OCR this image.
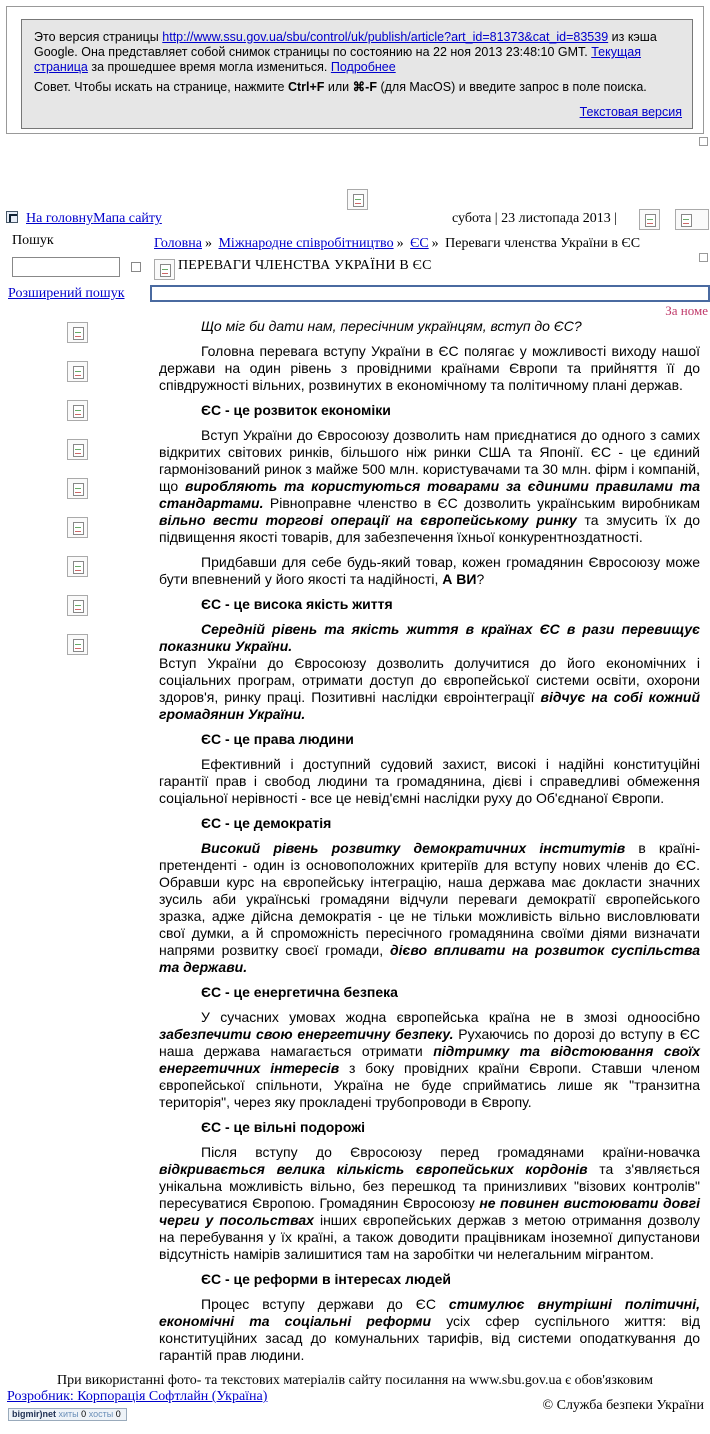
Это версия страницы http://www.ssu.gov.ua/sbu/control/uk/publish/article?art_id=81373&cat_id=83539 из кэша Google. Она представляет собой снимок страницы по состоянию на 22 ноя 2013 23:48:10 GMT. Текущая страница за прошедшее время могла измениться. Подробнее

Совет. Чтобы искать на странице, нажмите Ctrl+F или ⌘-F (для MacOS) и введите запрос в поле поиска.

Текстовая версия
На головнуМапа сайту	субота | 23 листопада 2013 |
Пошук
Розширений пошук
Головна » Міжнародне співробітництво » ЄС » Переваги членства України в ЄС
ПЕРЕВАГИ ЧЛЕНСТВА УКРАЇНИ В ЄС
За номе

Що міг би дати нам, пересічним українцям, вступ до ЄС?

Головна перевага вступу України в ЄС полягає у можливості виходу нашої держави на один рівень з провідними країнами Європи та прийняття її до співдружності вільних, розвинутих в економічному та політичному плані держав.

ЄС - це розвиток економіки

Вступ України до Євросоюзу дозволить нам приєднатися до одного з самих відкритих світових ринків, більшого ніж ринки США та Японії. ЄС - це єдиний гармонізований ринок з майже 500 млн. користувачами та 30 млн. фірм і компаній, що виробляють та користуються товарами за єдиними правилами та стандартами. Рівноправне членство в ЄС дозволить українським виробникам вільно вести торгові операції на європейському ринку та змусить їх до підвищення якості товарів, для забезпечення їхньої конкурентноздатності.

Придбавши для себе будь-який товар, кожен громадянин Євросоюзу може бути впевнений у його якості та надійності, А ВИ?

ЄС - це висока якість життя

Середній рівень та якість життя в країнах ЄС в рази перевищує показники України.

Вступ України до Євросоюзу дозволить долучитися до його економічних і соціальних програм, отримати доступ до європейської системи освіти, охорони здоров'я, ринку праці. Позитивні наслідки євроінтеграції відчує на собі кожний громадянин України.

ЄС - це права людини

Ефективний і доступний судовий захист, високі і надійні конституційні гарантії прав і свобод людини та громадянина, дієві і справедливі обмеження соціальної нерівності - все це невід'ємні наслідки руху до Об'єднаної Європи.

ЄС - це демократія

Високий рівень розвитку демократичних інститутів в країні-претенденті - один із основоположних критеріїв для вступу нових членів до ЄС. Обравши курс на європейську інтеграцію, наша держава має докласти значних зусиль аби українські громадяни відчули переваги демократії європейського зразка, адже дійсна демократія - це не тільки можливість вільно висловлювати свої думки, а й спроможність пересічного громадянина своїми діями визначати напрями розвитку своєї громади, дієво впливати на розвиток суспільства та держави.

ЄС - це енергетична безпека

У сучасних умовах жодна європейська країна не в змозі одноосібно забезпечити свою енергетичну безпеку. Рухаючись по дорозі до вступу в ЄС наша держава намагається отримати підтримку та відстоювання своїх енергетичних інтересів з боку провідних країни Європи. Ставши членом європейської спільноти, Україна не буде сприйматись лише як "транзитна територія", через яку прокладені трубопроводи в Європу.

ЄС - це вільні подорожі

Після вступу до Євросоюзу перед громадянами країни-новачка відкривається велика кількість європейських кордонів та з'являється унікальна можливість вільно, без перешкод та принизливих "візових контролів" пересуватися Європою. Громадянин Євросоюзу не повинен вистоювати довгі черги у посольствах інших європейських держав з метою отримання дозволу на перебування у їх країні, а також доводити працівникам іноземної дипустанови відсутність намірів залишитися там на заробітки чи нелегальним мігрантом.

ЄС - це реформи в інтересах людей

Процес вступу держави до ЄС стимулює внутрішні політичні, економічні та соціальні реформи усіх сфер суспільного життя: від конституційних засад до комунальних тарифів, від системи оподаткування до гарантій прав людини.

При використанні фото- та текстових матеріалів сайту посилання на www.sbu.gov.ua є обов'язковим
Розробник: Корпорація Софтлайн (Україна)
bigmir)net хиты 0 хосты 0
© Служба безпеки України
